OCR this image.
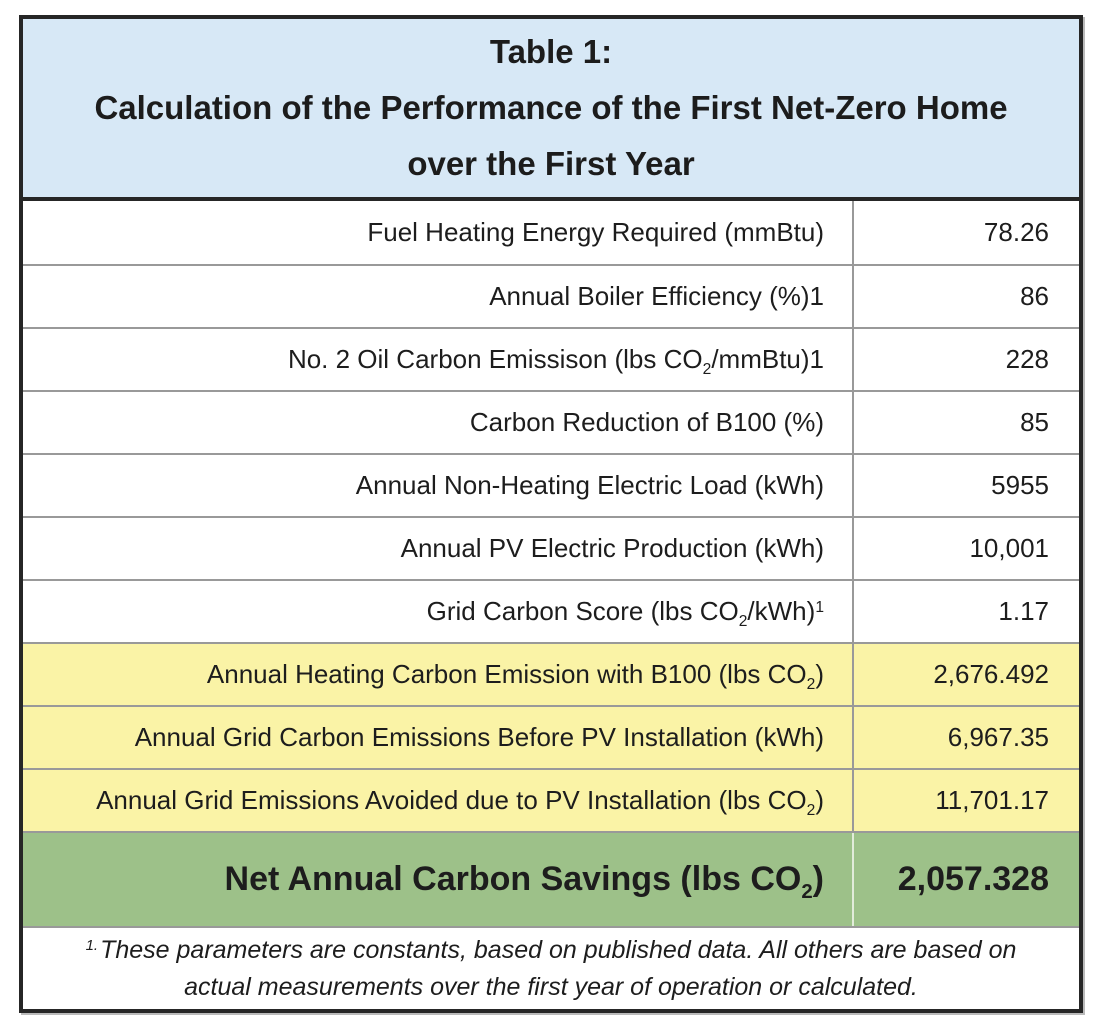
Table 1:
Calculation of the Performance of the First Net-Zero Home
over the First Year
Fuel Heating Energy Required (mmBtu)	78.26
Annual Boiler Efficiency (%)1	86
No. 2 Oil Carbon Emissison (lbs $CO_2/mmBtu)1$	228
Carbon Reduction of B100 (%)	85
Annual Non-Heating Electric Load (kWh)	5955
Annual PV Electric Production (kWh)	10,001
Grid Carbon Score (lbs $CO_2/kWh)^1$	1.17
Annual Heating Carbon Emission with B100 (lbs $CO_2$)	2,676.492
Annual Grid Carbon Emissions Before PV Installation (kWh)	6,967.35
Annual Grid Emissions Avoided due to PV Installation (lbs $CO_2$)	11,701.17
Net Annual Carbon Savings (lbs $CO_2$)	2,057.328
$^{1.}$These parameters are constants, based on published data. All others are based on
actual measurements over the first year of operation or calculated.
